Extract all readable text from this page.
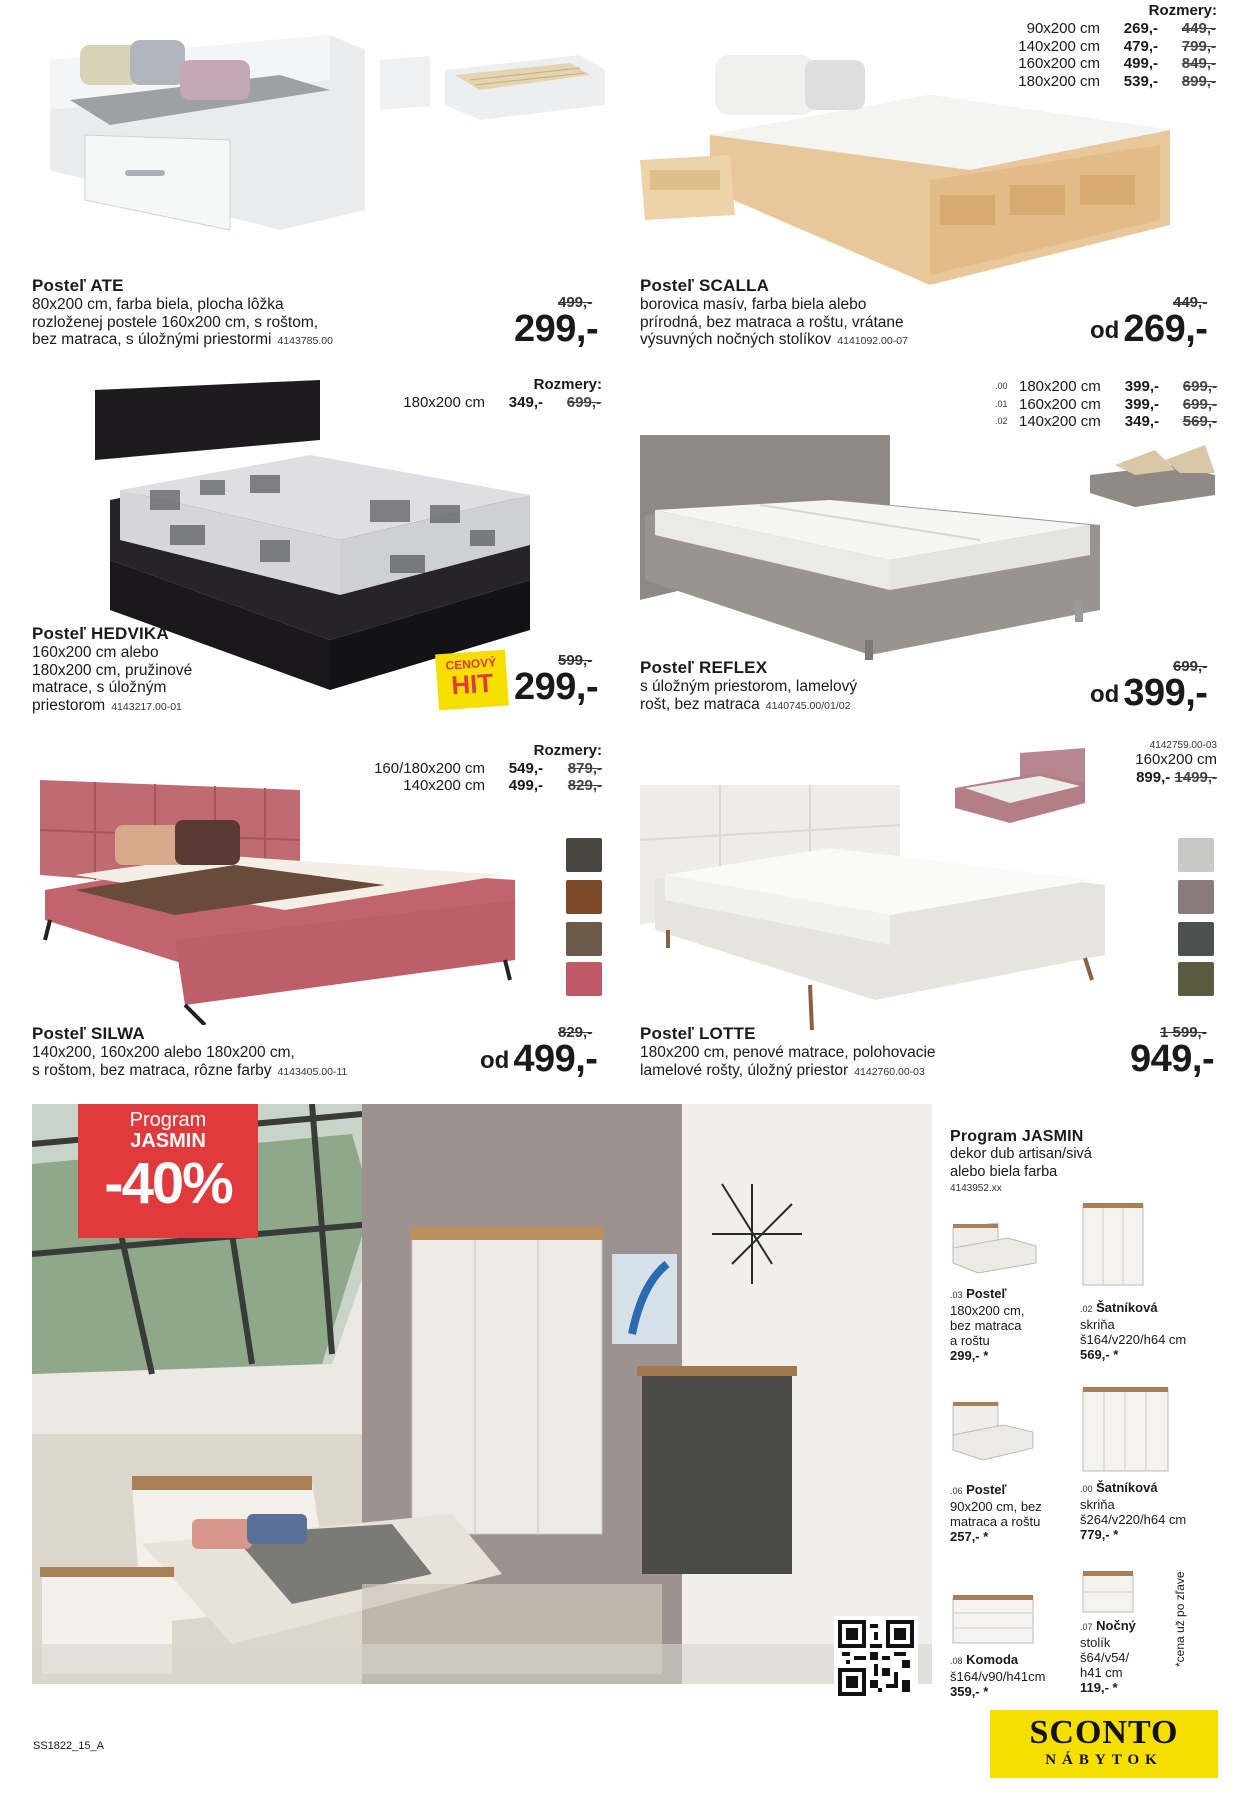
Posteľ ATE
80x200 cm, farba biela, plocha lôžka
rozloženej postele 160x200 cm, s roštom,
bez matraca, s úložnými priestormi 4143785.00
499,-
299,-
Rozmery:
90x200 cm	269,-	449,-
140x200 cm	479,-	799,-
160x200 cm	499,-	849,-
180x200 cm	539,-	899,-
Posteľ SCALLA
borovica masív, farba biela alebo
prírodná, bez matraca a roštu, vrátane
výsuvných nočných stolíkov 4141092.00-07
449,-
od 269,-
Rozmery:
180x200 cm	349,-	699,-
Posteľ HEDVIKA
160x200 cm alebo
180x200 cm, pružinové
matrace, s úložným
priestorom 4143217.00-01
CENOVÝ
HIT
599,-
299,-
.00 180x200 cm	399,-	699,-
.01 160x200 cm	399,-	699,-
.02 140x200 cm	349,-	569,-
Posteľ REFLEX
s úložným priestorom, lamelový
rošt, bez matraca 4140745.00/01/02
699,-
od 399,-
Rozmery:
160/180x200 cm	549,-	879,-
140x200 cm	499,-	829,-
Posteľ SILWA
140x200, 160x200 alebo 180x200 cm,
s roštom, bez matraca, rôzne farby 4143405.00-11
829,-
od 499,-
4142759.00-03
160x200 cm
899,- 1499,-
Posteľ LOTTE
180x200 cm, penové matrace, polohovacie
lamelové rošty, úložný priestor 4142760.00-03
1 599,-
949,-
Program
JASMIN
-40%
Program JASMIN
dekor dub artisan/sivá
alebo biela farba
4143952.xx
.03 Posteľ
180x200 cm,
bez matraca
a roštu
299,- *
.02 Šatníková
skriňa
š164/v220/h64 cm
569,- *
.06 Posteľ
90x200 cm, bez
matraca a roštu
257,- *
.00 Šatníková
skriňa
š264/v220/h64 cm
779,- *
.08 Komoda
š164/v90/h41cm
359,- *
.07 Nočný
stolík
š64/v54/
h41 cm
119,- *
*cena už po zľave
SS1822_15_A	SCONTO
NÁBYTOK
